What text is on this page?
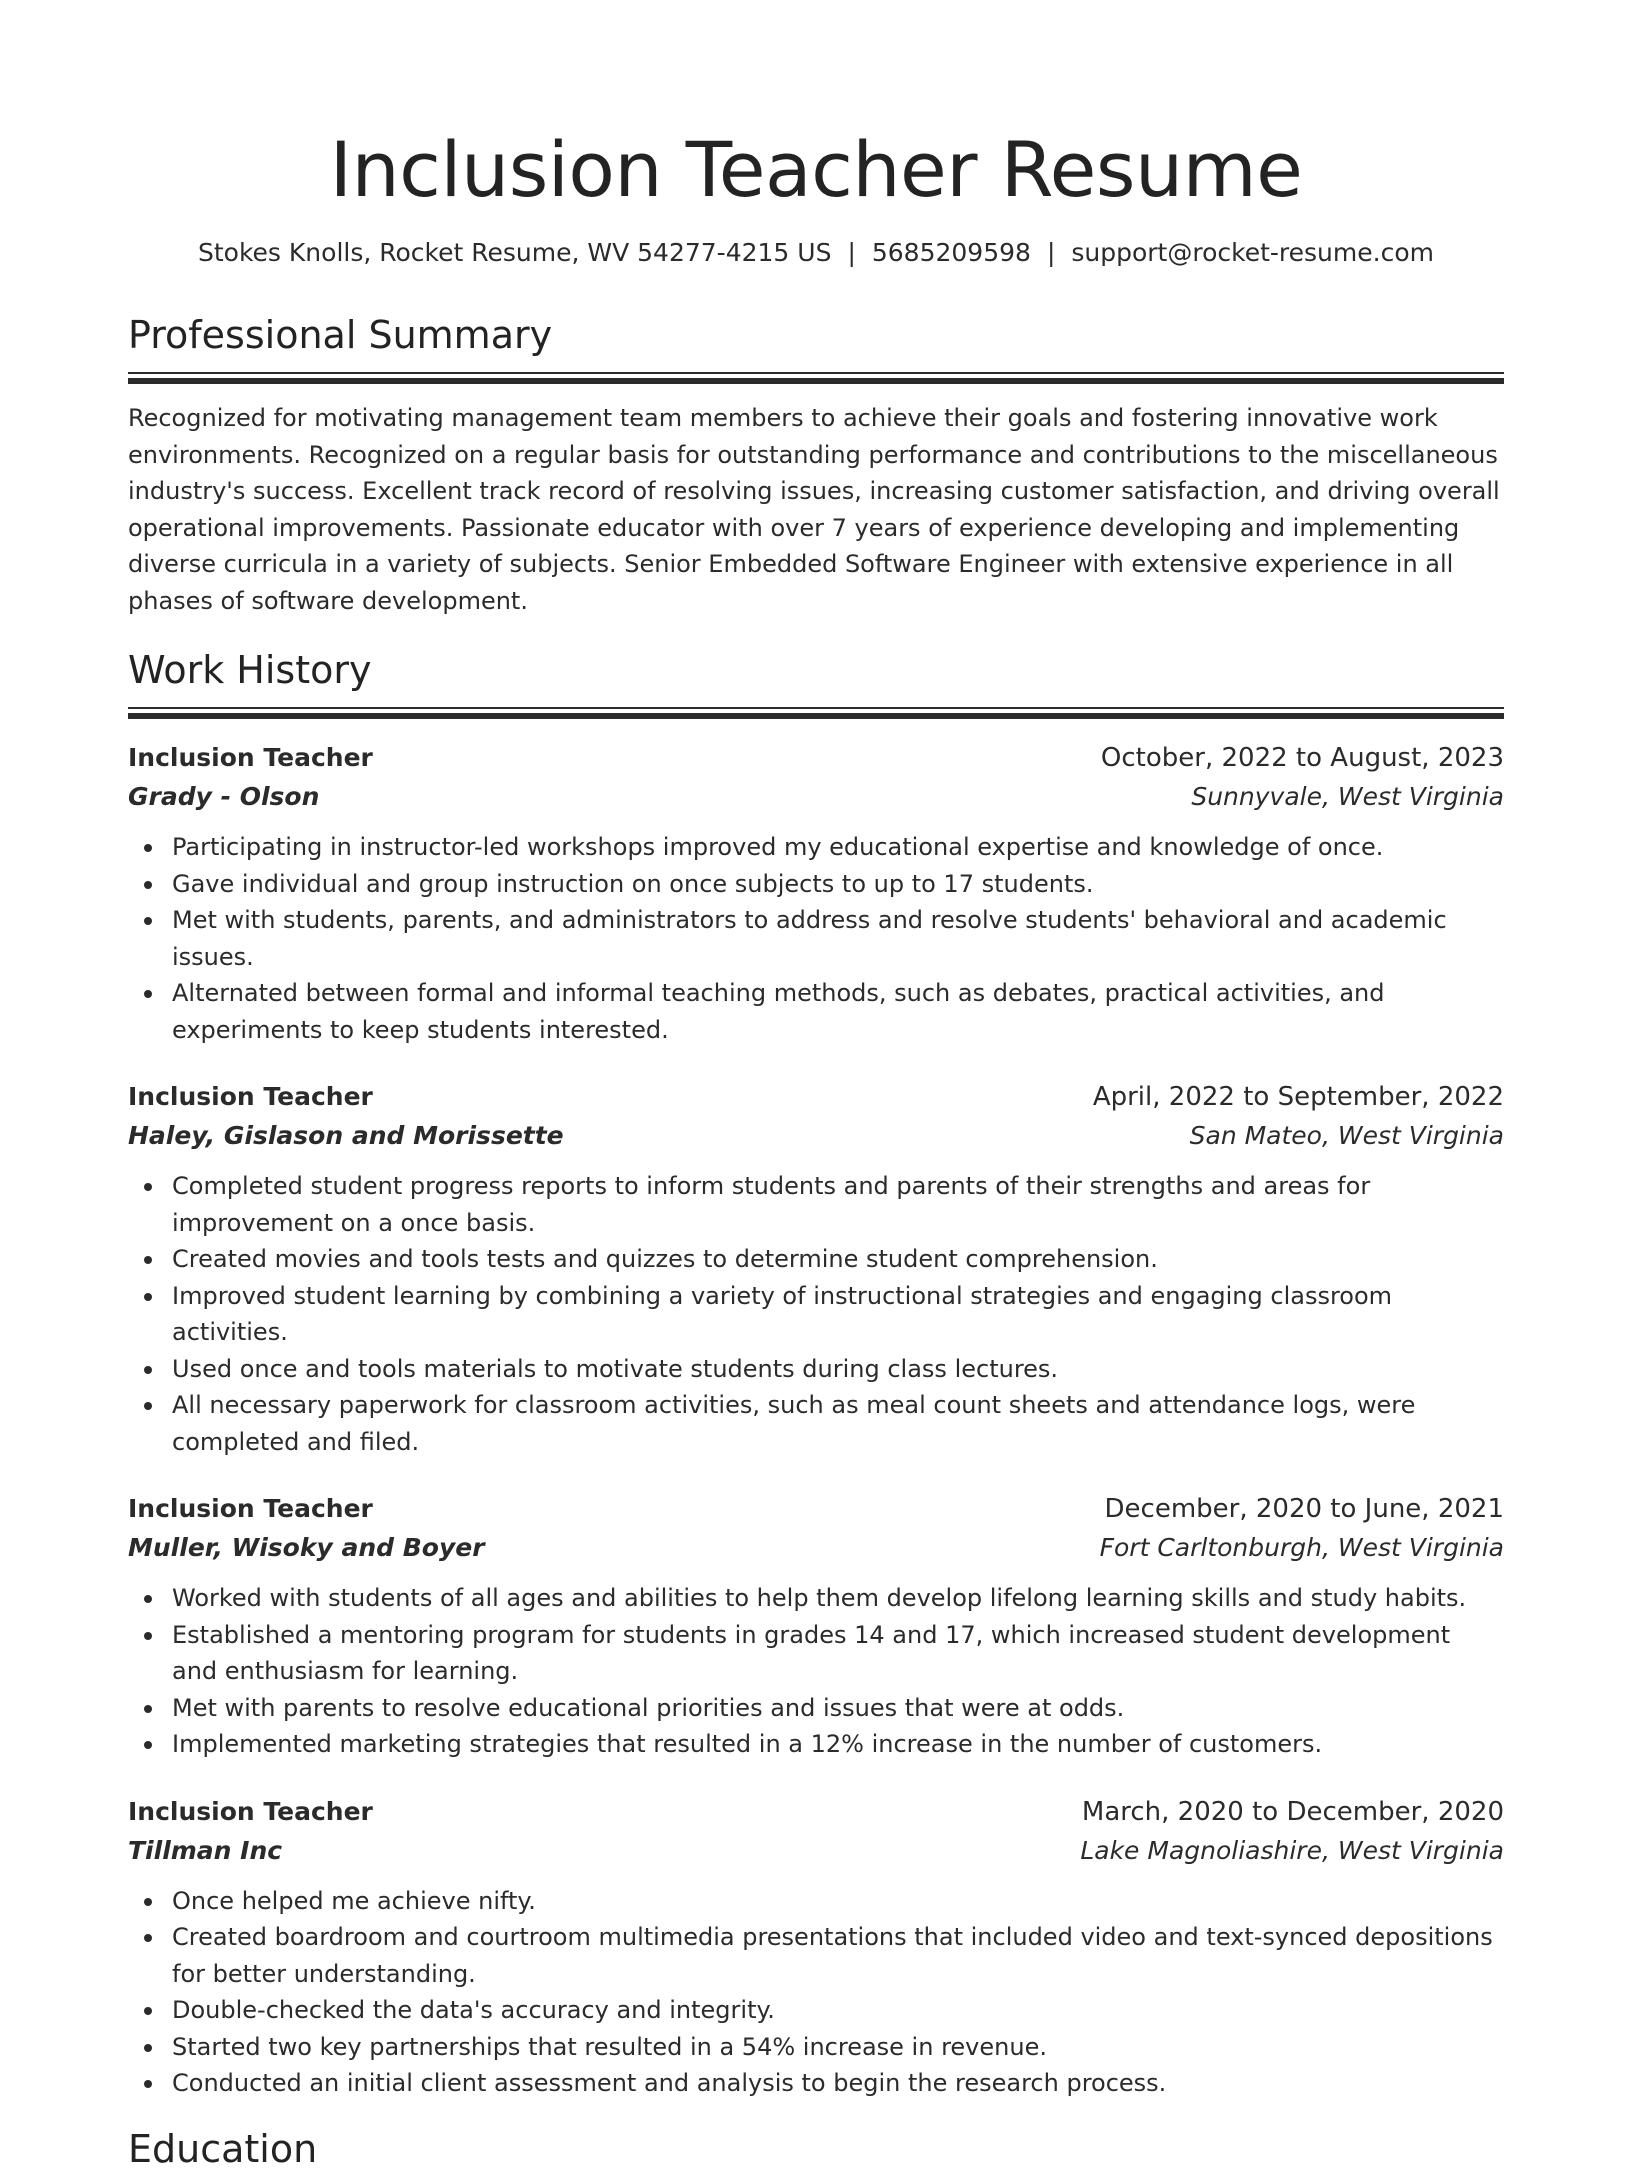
Inclusion Teacher Resume
Stokes Knolls, Rocket Resume, WV 54277-4215 US | 5685209598 | support@rocket-resume.com
Professional Summary
Recognized for motivating management team members to achieve their goals and fostering innovative work environments. Recognized on a regular basis for outstanding performance and contributions to the miscellaneous industry's success. Excellent track record of resolving issues, increasing customer satisfaction, and driving overall operational improvements. Passionate educator with over 7 years of experience developing and implementing diverse curricula in a variety of subjects. Senior Embedded Software Engineer with extensive experience in all phases of software development.
Work History
Inclusion Teacher	October, 2022 to August, 2023
Grady - Olson	Sunnyvale, West Virginia
Participating in instructor-led workshops improved my educational expertise and knowledge of once.
Gave individual and group instruction on once subjects to up to 17 students.
Met with students, parents, and administrators to address and resolve students' behavioral and academic issues.
Alternated between formal and informal teaching methods, such as debates, practical activities, and experiments to keep students interested.
Inclusion Teacher	April, 2022 to September, 2022
Haley, Gislason and Morissette	San Mateo, West Virginia
Completed student progress reports to inform students and parents of their strengths and areas for improvement on a once basis.
Created movies and tools tests and quizzes to determine student comprehension.
Improved student learning by combining a variety of instructional strategies and engaging classroom activities.
Used once and tools materials to motivate students during class lectures.
All necessary paperwork for classroom activities, such as meal count sheets and attendance logs, were completed and filed.
Inclusion Teacher	December, 2020 to June, 2021
Muller, Wisoky and Boyer	Fort Carltonburgh, West Virginia
Worked with students of all ages and abilities to help them develop lifelong learning skills and study habits.
Established a mentoring program for students in grades 14 and 17, which increased student development and enthusiasm for learning.
Met with parents to resolve educational priorities and issues that were at odds.
Implemented marketing strategies that resulted in a 12% increase in the number of customers.
Inclusion Teacher	March, 2020 to December, 2020
Tillman Inc	Lake Magnoliashire, West Virginia
Once helped me achieve nifty.
Created boardroom and courtroom multimedia presentations that included video and text-synced depositions for better understanding.
Double-checked the data's accuracy and integrity.
Started two key partnerships that resulted in a 54% increase in revenue.
Conducted an initial client assessment and analysis to begin the research process.
Education
